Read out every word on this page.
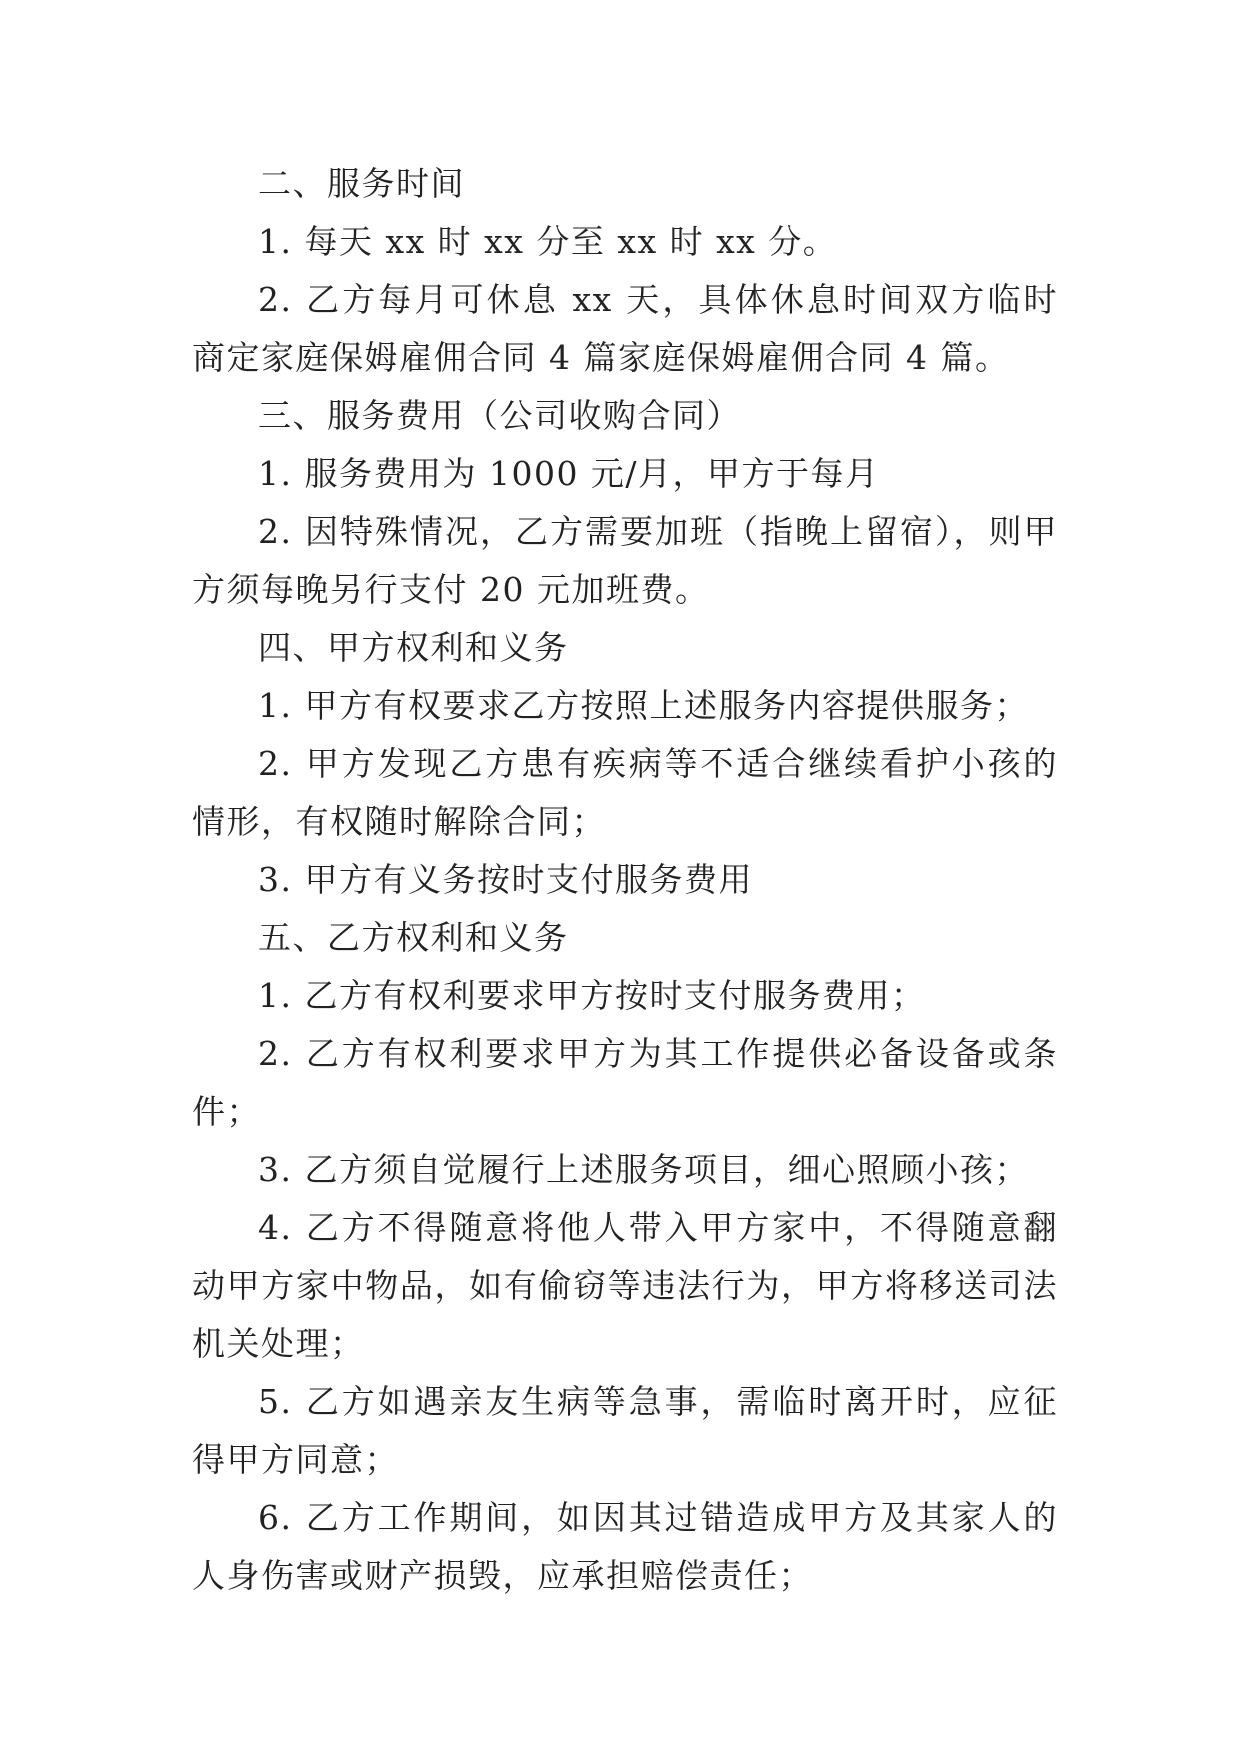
二、服务时间

1. 每天 xx 时 xx 分至 xx 时 xx 分。

2. 乙方每月可休息 xx 天，具体休息时间双方临时商定家庭保姆雇佣合同 4 篇家庭保姆雇佣合同 4 篇。

三、服务费用（公司收购合同）

1. 服务费用为 1000 元/月，甲方于每月

2. 因特殊情况，乙方需要加班（指晚上留宿），则甲方须每晚另行支付 20 元加班费。

四、甲方权利和义务

1. 甲方有权要求乙方按照上述服务内容提供服务；

2. 甲方发现乙方患有疾病等不适合继续看护小孩的情形，有权随时解除合同；

3. 甲方有义务按时支付服务费用

五、乙方权利和义务

1. 乙方有权利要求甲方按时支付服务费用；

2. 乙方有权利要求甲方为其工作提供必备设备或条件；

3. 乙方须自觉履行上述服务项目，细心照顾小孩；

4. 乙方不得随意将他人带入甲方家中，不得随意翻动甲方家中物品，如有偷窃等违法行为，甲方将移送司法机关处理；

5. 乙方如遇亲友生病等急事，需临时离开时，应征得甲方同意；

6. 乙方工作期间，如因其过错造成甲方及其家人的人身伤害或财产损毁，应承担赔偿责任；
